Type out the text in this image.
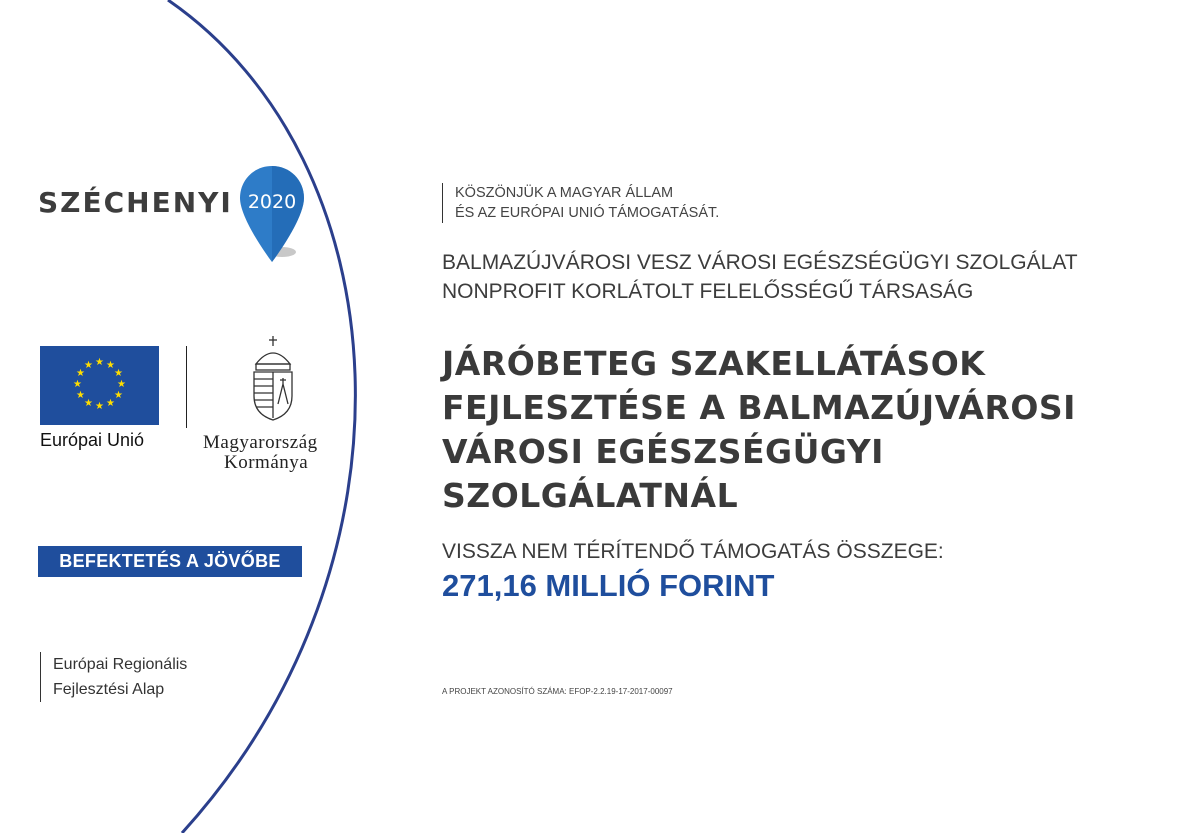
SZÉCHENYI 2020
★ ★
★
★
★
★
★
★
★
★
★
★
Európai Unió	Magyarország
Kormánya
BEFEKTETÉS A JÖVŐBE
Európai Regionális
Fejlesztési Alap
KÖSZÖNJÜK A MAGYAR ÁLLAM
ÉS AZ EURÓPAI UNIÓ TÁMOGATÁSÁT.
BALMAZÚJVÁROSI VESZ VÁROSI EGÉSZSÉGÜGYI SZOLGÁLAT NONPROFIT KORLÁTOLT FELELŐSSÉGŰ TÁRSASÁG
JÁRÓBETEG SZAKELLÁTÁSOK FEJLESZTÉSE A BALMAZÚJVÁROSI VÁROSI EGÉSZSÉGÜGYI SZOLGÁLATNÁL
VISSZA NEM TÉRÍTENDŐ TÁMOGATÁS ÖSSZEGE:
271,16 MILLIÓ FORINT
A PROJEKT AZONOSÍTÓ SZÁMA: EFOP-2.2.19-17-2017-00097
